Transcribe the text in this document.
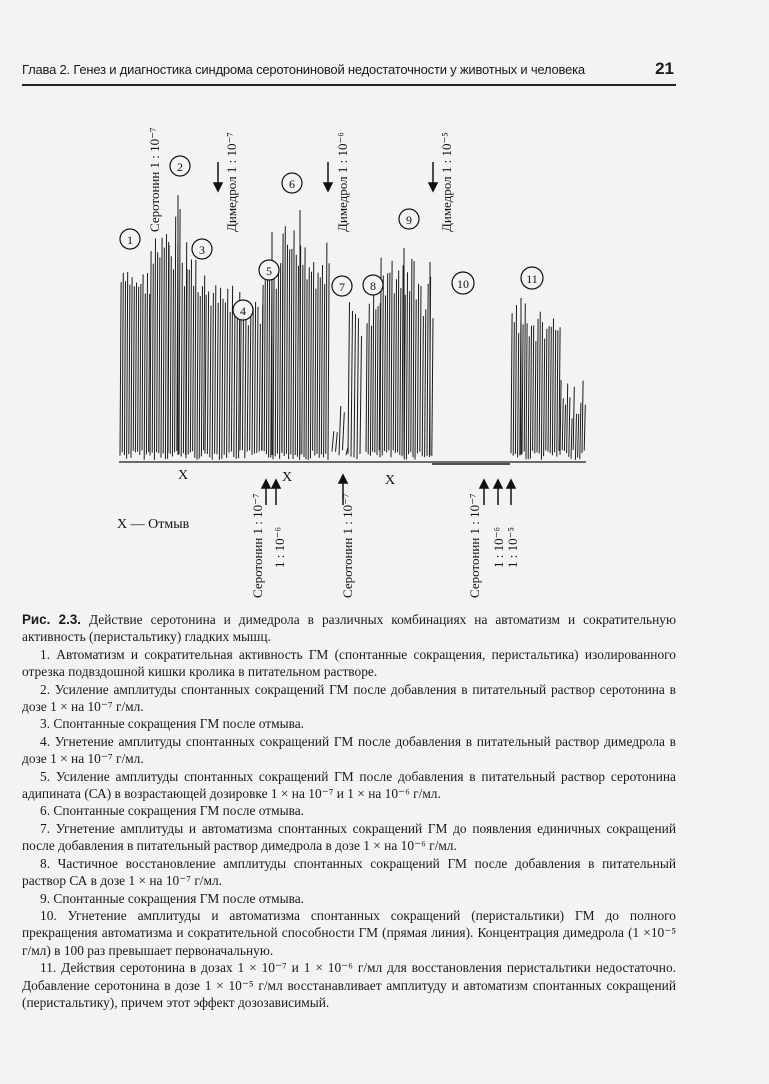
Глава 2. Генез и диагностика синдрома серотониновой недостаточности у животных и человека	21
Серотонин 1 : 10⁻⁷	Димедрол 1 : 10⁻⁷	Димедрол 1 : 10⁻⁶	Димедрол 1 : 10⁻⁵
1
2
3
4
5
6
7 8
9
10	11
X	X	X
X — Отмыв	Серотонин 1 : 10⁻⁷ 1 : 10⁻⁶	Серотонин 1 : 10⁻⁷	Серотонин 1 : 10⁻⁷ 1 : 10⁻⁶ 1 : 10⁻⁵

Рис. 2.3. Действие серотонина и димедрола в различных комбинациях на автоматизм и сократительную активность (перистальтику) гладких мышц.

1. Автоматизм и сократительная активность ГМ (спонтанные сокращения, перистальтика) изолированного отрезка подвздошной кишки кролика в питательном растворе.

2. Усиление амплитуды спонтанных сокращений ГМ после добавления в питательный раствор серотонина в дозе 1 × на 10⁻⁷ г/мл.

3. Спонтанные сокращения ГМ после отмыва.

4. Угнетение амплитуды спонтанных сокращений ГМ после добавления в питательный раствор димедрола в дозе 1 × на 10⁻⁷ г/мл.

5. Усиление амплитуды спонтанных сокращений ГМ после добавления в питательный раствор серотонина адипината (СА) в возрастающей дозировке 1 × на 10⁻⁷ и 1 × на 10⁻⁶ г/мл.

6. Спонтанные сокращения ГМ после отмыва.

7. Угнетение амплитуды и автоматизма спонтанных сокращений ГМ до появления единичных сокращений после добавления в питательный раствор димедрола в дозе 1 × на 10⁻⁶ г/мл.

8. Частичное восстановление амплитуды спонтанных сокращений ГМ после добавления в питательный раствор СА в дозе 1 × на 10⁻⁷ г/мл.

9. Спонтанные сокращения ГМ после отмыва.

10. Угнетение амплитуды и автоматизма спонтанных сокращений (перистальтики) ГМ до полного прекращения автоматизма и сократительной способности ГМ (прямая линия). Концентрация димедрола (1 ×10⁻⁵ г/мл) в 100 раз превышает первоначальную.

11. Действия серотонина в дозах 1 × 10⁻⁷ и 1 × 10⁻⁶ г/мл для восстановления перистальтики недостаточно. Добавление серотонина в дозе 1 × 10⁻⁵ г/мл восстанавливает амплитуду и автоматизм спонтанных сокращений (перистальтику), причем этот эффект дозозависимый.
